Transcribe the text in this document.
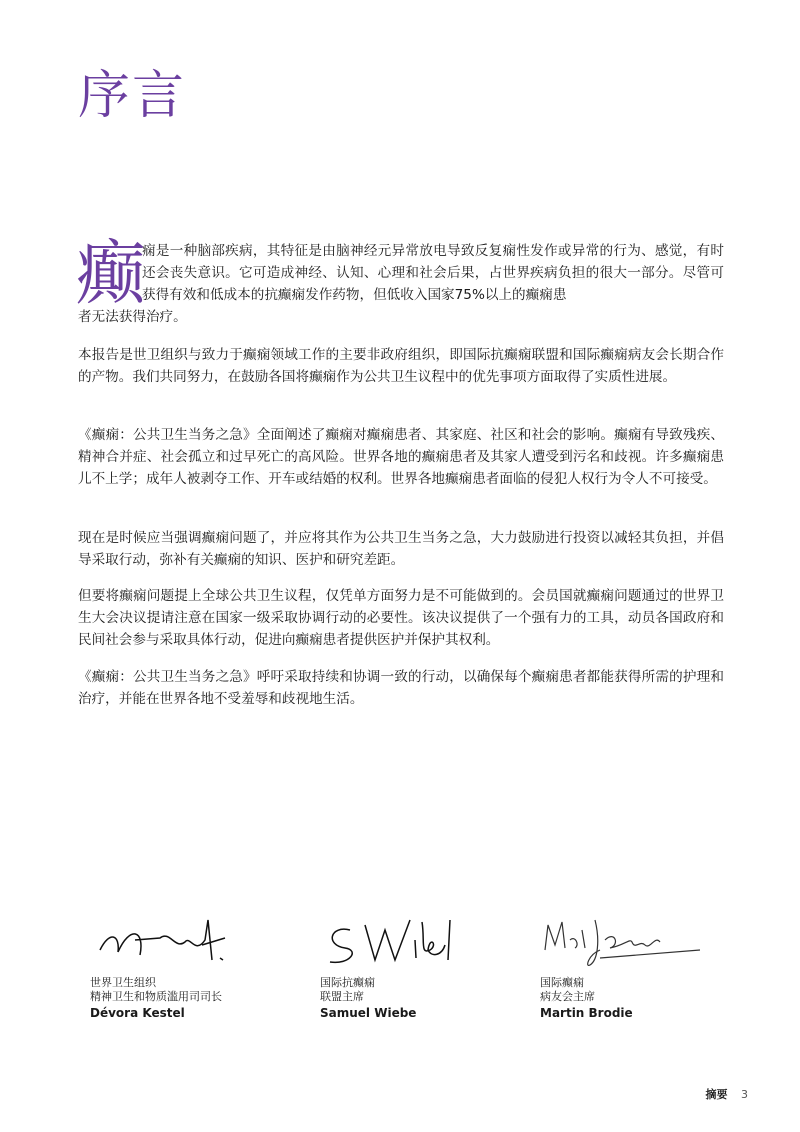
序言
癫

痫是一种脑部疾病，其特征是由脑神经元异常放电导致反复痫性发作或异常的行为、感觉，有时还会丧失意识。它可造成神经、认知、心理和社会后果，占世界疾病负担的很大一部分。尽管可获得有效和低成本的抗癫痫发作药物，但低收入国家75%以上的癫痫患

者无法获得治疗。

本报告是世卫组织与致力于癫痫领域工作的主要非政府组织，即国际抗癫痫联盟和国际癫痫病友会长期合作的产物。我们共同努力，在鼓励各国将癫痫作为公共卫生议程中的优先事项方面取得了实质性进展。

《癫痫：公共卫生当务之急》全面阐述了癫痫对癫痫患者、其家庭、社区和社会的影响。癫痫有导致残疾、精神合并症、社会孤立和过早死亡的高风险。世界各地的癫痫患者及其家人遭受到污名和歧视。许多癫痫患儿不上学；成年人被剥夺工作、开车或结婚的权利。世界各地癫痫患者面临的侵犯人权行为令人不可接受。

现在是时候应当强调癫痫问题了，并应将其作为公共卫生当务之急，大力鼓励进行投资以减轻其负担，并倡导采取行动，弥补有关癫痫的知识、医护和研究差距。

但要将癫痫问题提上全球公共卫生议程，仅凭单方面努力是不可能做到的。会员国就癫痫问题通过的世界卫生大会决议提请注意在国家一级采取协调行动的必要性。该决议提供了一个强有力的工具，动员各国政府和民间社会参与采取具体行动，促进向癫痫患者提供医护并保护其权利。

《癫痫：公共卫生当务之急》呼吁采取持续和协调一致的行动，以确保每个癫痫患者都能获得所需的护理和治疗，并能在世界各地不受羞辱和歧视地生活。

世界卫生组织
精神卫生和物质滥用司司长
Dévora Kestel
国际抗癫痫
联盟主席
Samuel Wiebe
国际癫痫
病友会主席
Martin Brodie
摘要 3
